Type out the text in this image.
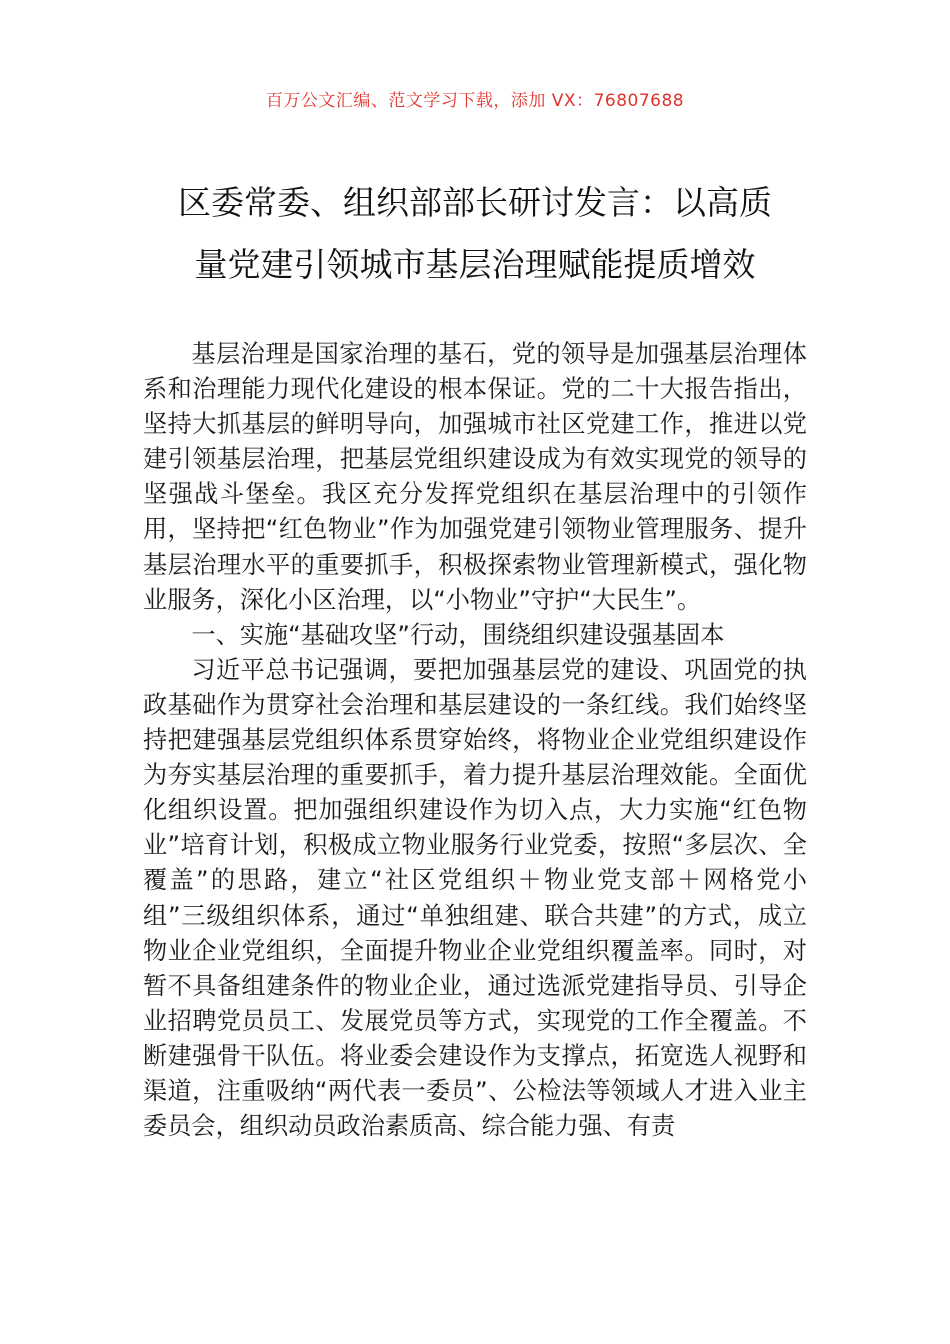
百万公文汇编、范文学习下载，添加 VX：76807688
区委常委、组织部部长研讨发言：以高质
量党建引领城市基层治理赋能提质增效

基层治理是国家治理的基石，党的领导是加强基层治理体系和治理能力现代化建设的根本保证。党的二十大报告指出，坚持大抓基层的鲜明导向，加强城市社区党建工作，推进以党建引领基层治理，把基层党组织建设成为有效实现党的领导的坚强战斗堡垒。我区充分发挥党组织在基层治理中的引领作用，坚持把“红色物业”作为加强党建引领物业管理服务、提升基层治理水平的重要抓手，积极探索物业管理新模式，强化物业服务，深化小区治理，以“小物业”守护“大民生”。

一、实施“基础攻坚”行动，围绕组织建设强基固本

习近平总书记强调，要把加强基层党的建设、巩固党的执政基础作为贯穿社会治理和基层建设的一条红线。我们始终坚持把建强基层党组织体系贯穿始终，将物业企业党组织建设作为夯实基层治理的重要抓手，着力提升基层治理效能。全面优化组织设置。把加强组织建设作为切入点，大力实施“红色物业”培育计划，积极成立物业服务行业党委，按照“多层次、全覆盖”的思路，建立“社区党组织＋物业党支部＋网格党小组”三级组织体系，通过“单独组建、联合共建”的方式，成立物业企业党组织，全面提升物业企业党组织覆盖率。同时，对暂不具备组建条件的物业企业，通过选派党建指导员、引导企业招聘党员员工、发展党员等方式，实现党的工作全覆盖。不断建强骨干队伍。将业委会建设作为支撑点，拓宽选人视野和渠道，注重吸纳“两代表一委员”、公检法等领域人才进入业主委员会，组织动员政治素质高、综合能力强、有责
